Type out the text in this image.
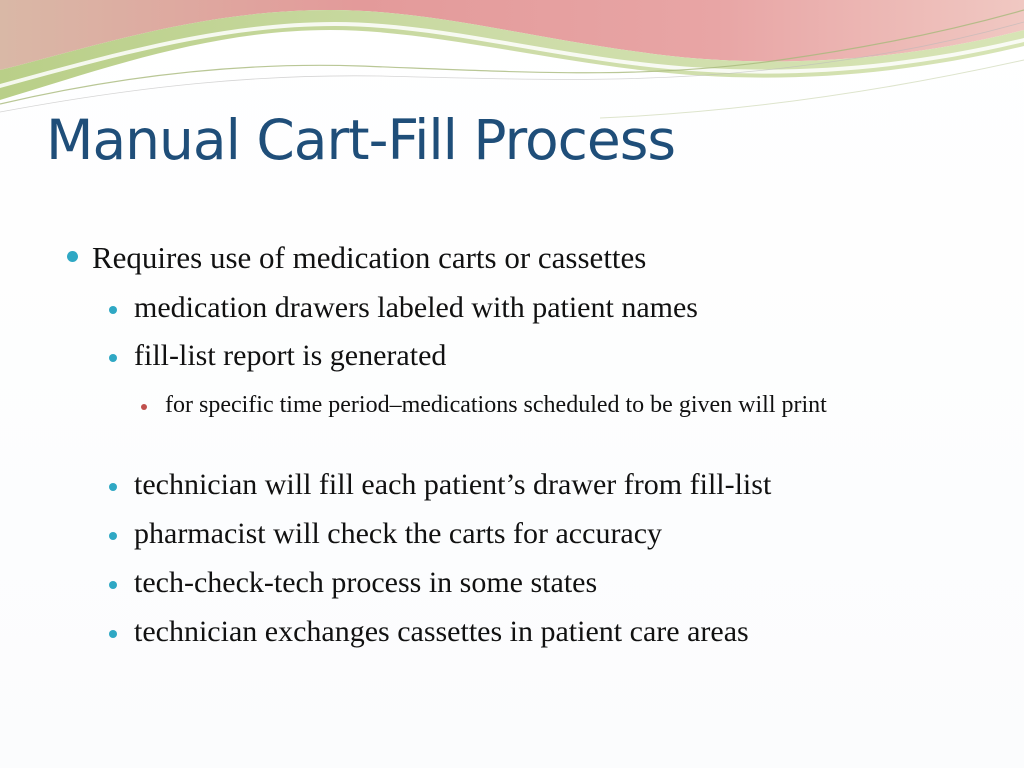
Manual Cart-Fill Process
Requires use of medication carts or cassettes
medication drawers labeled with patient names
fill-list report is generated
for specific time period–medications scheduled to be given will print
technician will fill each patient’s drawer from fill-list
pharmacist will check the carts for accuracy
tech-check-tech process in some states
technician exchanges cassettes in patient care areas
